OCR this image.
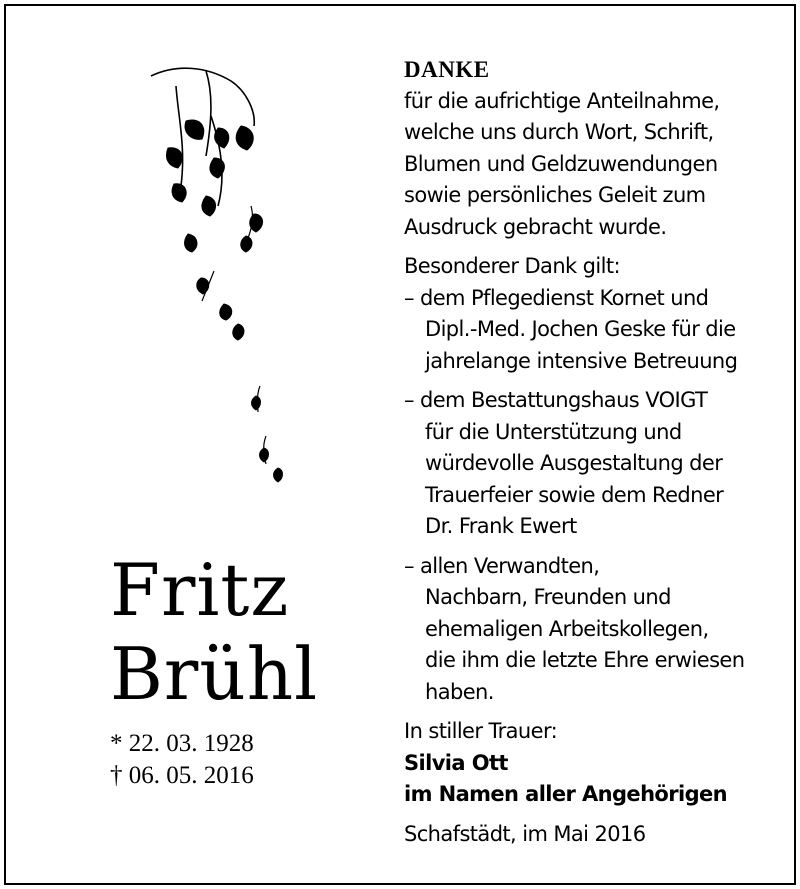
Fritz
Brühl
* 22. 03. 1928
† 06. 05. 2016
DANKE
für die aufrichtige Anteilnahme,
welche uns durch Wort, Schrift,
Blumen und Geldzuwendungen
sowie persönliches Geleit zum
Ausdruck gebracht wurde.
Besonderer Dank gilt:
– dem Pflegedienst Kornet und
Dipl.-Med. Jochen Geske für die
jahrelange intensive Betreuung
– dem Bestattungshaus VOIGT
für die Unterstützung und
würdevolle Ausgestaltung der
Trauerfeier sowie dem Redner
Dr. Frank Ewert
– allen Verwandten,
Nachbarn, Freunden und
ehemaligen Arbeitskollegen,
die ihm die letzte Ehre erwiesen
haben.
In stiller Trauer:
Silvia Ott
im Namen aller Angehörigen
Schafstädt, im Mai 2016
